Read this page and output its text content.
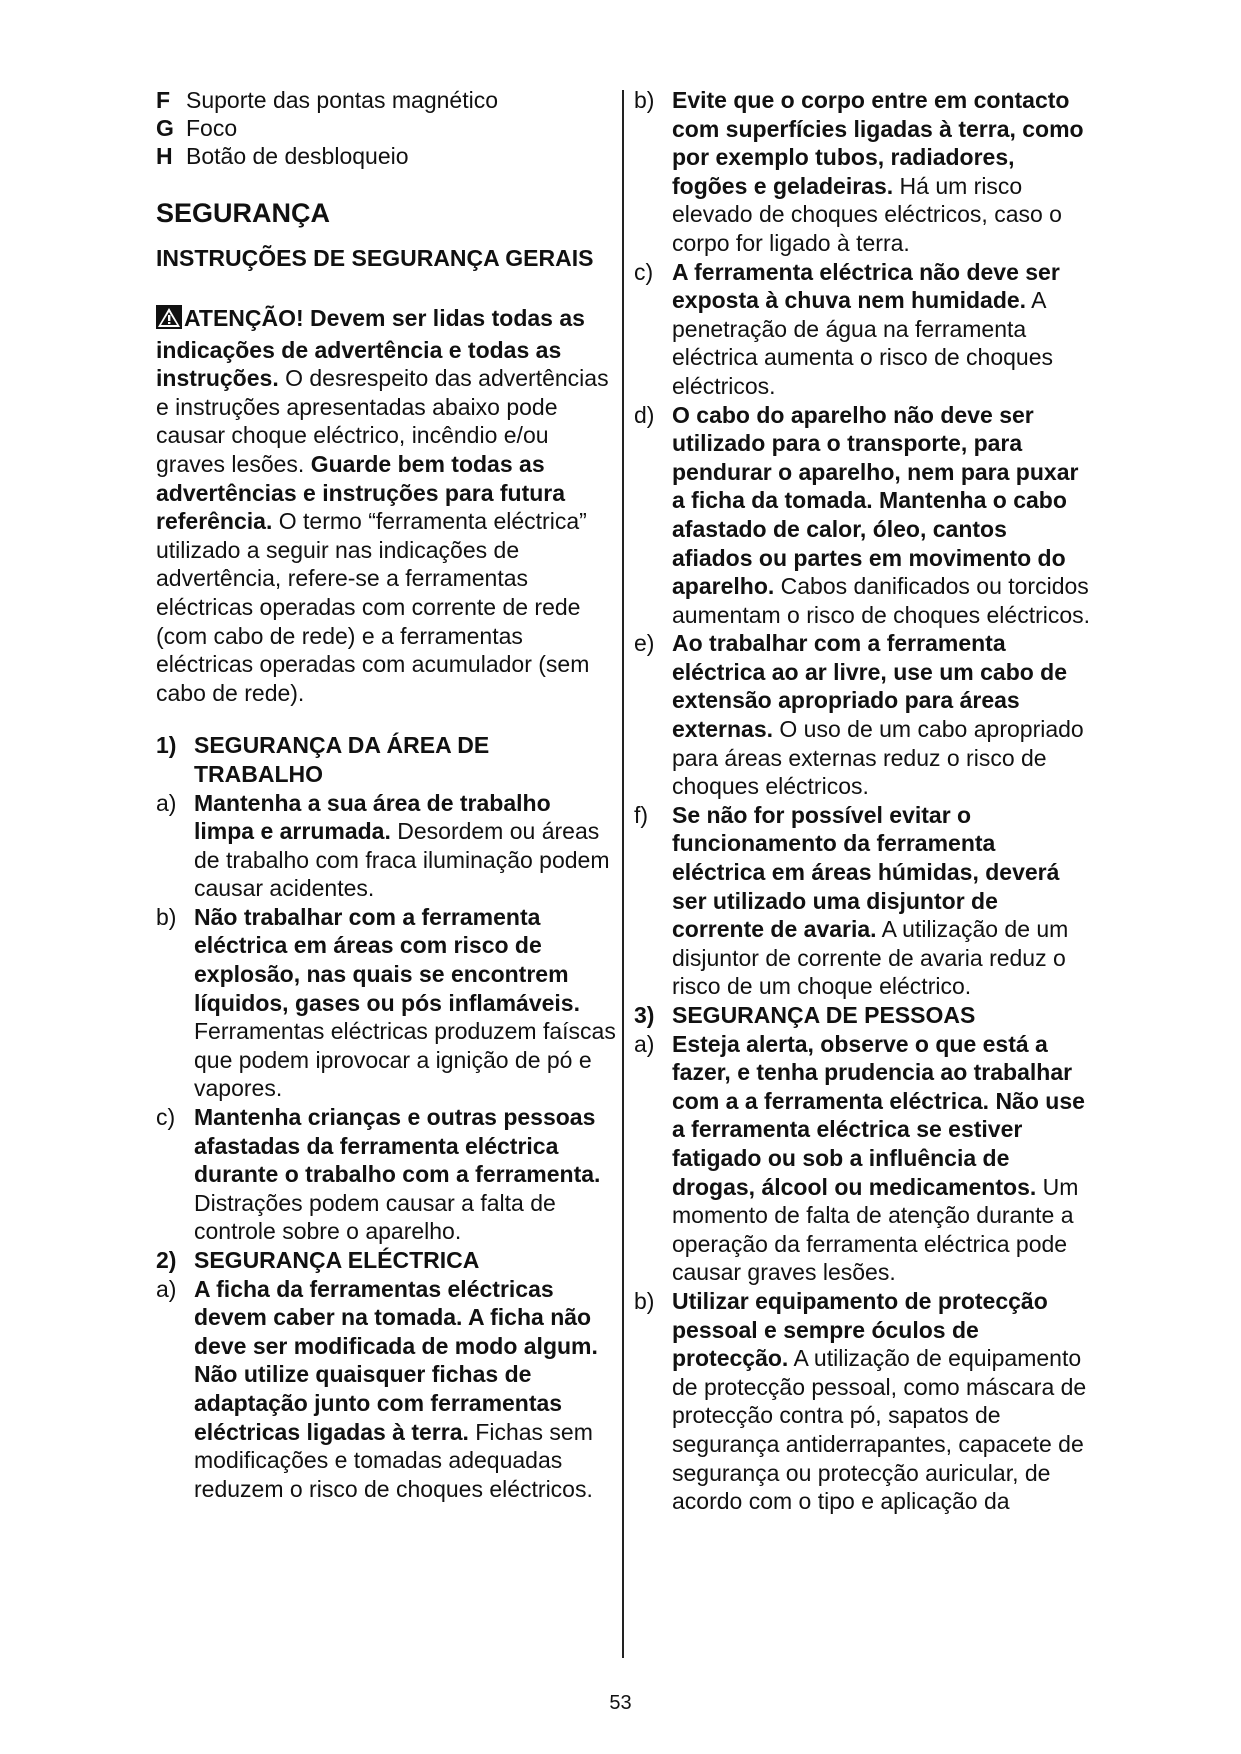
F Suporte das pontas magnético
G Foco
H Botão de desbloqueio
SEGURANÇA
INSTRUÇÕES DE SEGURANÇA GERAIS

ATENÇÃO! Devem ser lidas todas as indicações de advertência e todas as instruções. O desrespeito das advertências e instruções apresentadas abaixo pode causar choque eléctrico, incêndio e/ou graves lesões. Guarde bem todas as advertências e instruções para futura referência. O termo “ferramenta eléctrica” utilizado a seguir nas indicações de advertência, refere-se a ferramentas eléctricas operadas com corrente de rede (com cabo de rede) e a ferramentas eléctricas operadas com acumulador (sem cabo de rede).

1) SEGURANÇA DA ÁREA DE TRABALHO

a) Mantenha a sua área de trabalho limpa e arrumada. Desordem ou áreas de trabalho com fraca iluminação podem causar acidentes.

b) Não trabalhar com a ferramenta eléctrica em áreas com risco de explosão, nas quais se encontrem líquidos, gases ou pós inflamáveis. Ferramentas eléctricas produzem faíscas que podem iprovocar a ignição de pó e vapores.

c) Mantenha crianças e outras pessoas afastadas da ferramenta eléctrica durante o trabalho com a ferramenta. Distrações podem causar a falta de controle sobre o aparelho.

2) SEGURANÇA ELÉCTRICA

a) A ficha da ferramentas eléctricas devem caber na tomada. A ficha não deve ser modificada de modo algum. Não utilize quaisquer fichas de adaptação junto com ferramentas eléctricas ligadas à terra. Fichas sem modificações e tomadas adequadas reduzem o risco de choques eléctricos.

b) Evite que o corpo entre em contacto com superfícies ligadas à terra, como por exemplo tubos, radiadores, fogões e geladeiras. Há um risco elevado de choques eléctricos, caso o corpo for ligado à terra.

c) A ferramenta eléctrica não deve ser exposta à chuva nem humidade. A penetração de água na ferramenta eléctrica aumenta o risco de choques eléctricos.

d) O cabo do aparelho não deve ser utilizado para o transporte, para pendurar o aparelho, nem para puxar a ficha da tomada. Mantenha o cabo afastado de calor, óleo, cantos afiados ou partes em movimento do aparelho. Cabos danificados ou torcidos aumentam o risco de choques eléctricos.

e) Ao trabalhar com a ferramenta eléctrica ao ar livre, use um cabo de extensão apropriado para áreas externas. O uso de um cabo apropriado para áreas externas reduz o risco de choques eléctricos.

f) Se não for possível evitar o funcionamento da ferramenta eléctrica em áreas húmidas, deverá ser utilizado uma disjuntor de corrente de avaria. A utilização de um disjuntor de corrente de avaria reduz o risco de um choque eléctrico.

3) SEGURANÇA DE PESSOAS

a) Esteja alerta, observe o que está a fazer, e tenha prudencia ao trabalhar com a a ferramenta eléctrica. Não use a ferramenta eléctrica se estiver fatigado ou sob a influência de drogas, álcool ou medicamentos. Um momento de falta de atenção durante a operação da ferramenta eléctrica pode causar graves lesões.

b) Utilizar equipamento de protecção pessoal e sempre óculos de protecção. A utilização de equipamento de protecção pessoal, como máscara de protecção contra pó, sapatos de segurança antiderrapantes, capacete de segurança ou protecção auricular, de acordo com o tipo e aplicação da

53
